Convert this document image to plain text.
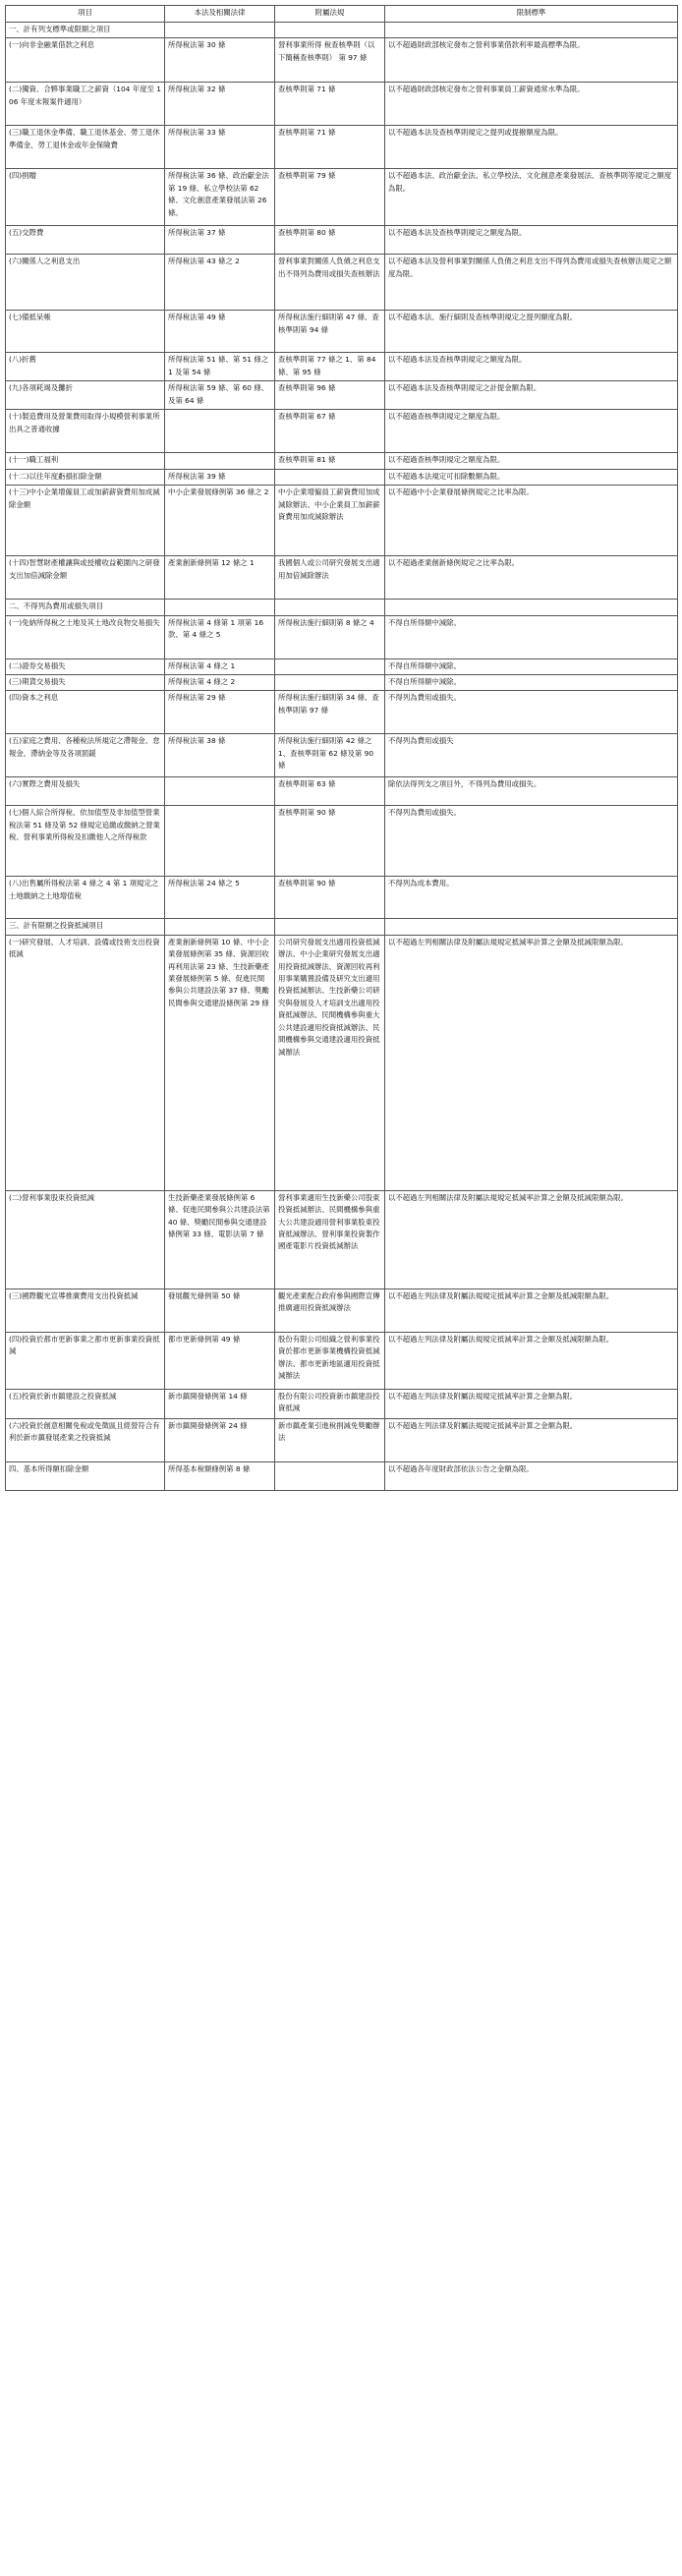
項目	本法及相關法律	附屬法規	限制標準
一、計有列支標準或限額之項目			
(一)向非金融業借款之利息	所得稅法第 30 條	營利事業所得 稅查核準則（以下簡稱查核準則） 第 97 條	以不超過財政部核定發布之營利事業借款利率最高標準為限。
(二)獨資、合夥事業職工之薪資（104 年度至 106 年度未報案件適用）	所得稅法第 32 條	查核準則第 71 條	以不超過財政部核定發布之營利事業員工薪資通常水準為限。
(三)職工退休金準備、職工退休基金、勞工退休準備金、勞工退休金或年金保險費	所得稅法第 33 條	查核準則第 71 條	以不超過本法及查核準則規定之提列或提撥額度為限。
(四)捐贈	所得稅法第 36 條、政治獻金法第 19 條、私立學校法第 62 條、文化創意產業發展法第 26 條。	查核準則第 79 條	以不超過本法、政治獻金法、私立學校法、文化創意產業發展法、查核準則等規定之額度為限。
(五)交際費	所得稅法第 37 條	查核準則第 80 條	以不超過本法及查核準則規定之額度為限。
(六)關係人之利息支出	所得稅法第 43 條之 2	營利事業對關係人負債之利息支出不得列為費用或損失查核辦法	以不超過本法及營利事業對關係人負債之利息支出不得列為費用或損失查核辦法規定之額度為限。
(七)備抵呆帳	所得稅法第 49 條	所得稅法施行細則第 47 條、查核準則第 94 條	以不超過本法、施行細則及查核準則規定之提列額度為限。
(八)折舊	所得稅法第 51 條、第 51 條之 1 及第 54 條	查核準則第 77 條之 1、第 84 條、第 95 條	以不超過本法及查核準則規定之額度為限。
(九)各項耗竭及攤折	所得稅法第 59 條、第 60 條、及第 64 條	查核準則第 96 條	以不超過本法及查核準則規定之計提金額為限。
(十)製造費用及營業費用取得小規模營利事業所出具之普通收據		查核準則第 67 條	以不超過查核準則規定之額度為限。
(十一)職工福利		查核準則第 81 條	以不超過查核準則規定之額度為限。
(十二)以往年度虧損扣除金額	所得稅法第 39 條		以不超過本法規定可扣除數額為限。
(十三)中小企業增僱員工或加薪薪資費用加成減除金額	中小企業發展條例第 36 條之 2	中小企業增僱員工薪資費用加成減除辦法、中小企業員工加薪薪資費用加成減除辦法	以不超過中小企業發展條例規定之比率為限。
(十四)智慧財產權讓與或授權收益範圍內之研發支出加倍減除金額	產業創新條例第 12 條之 1	我國個人或公司研究發展支出適用加倍減除辦法	以不超過產業創新條例規定之比率為限。
二、不得列為費用或損失項目			
(一)免納所得稅之土地及其土地改良物交易損失	所得稅法第 4 條第 1 項第 16 款、第 4 條之 5	所得稅法施行細則第 8 條之 4	不得自所得額中減除。
(二)證券交易損失	所得稅法第 4 條之 1		不得自所得額中減除。
(三)期貨交易損失	所得稅法第 4 條之 2		不得自所得額中減除。
(四)資本之利息	所得稅法第 29 條	所得稅法施行細則第 34 條、查核準則第 97 條	不得列為費用或損失。
(五)家庭之費用、各種稅法所規定之滯報金、怠報金、滯納金等及各項罰鍰	所得稅法第 38 條	所得稅法施行細則第 42 條之 1、查核準則第 62 條及第 90 條	不得列為費用或損失
(六)實際之費用及損失		查核準則第 63 條	除依法得列支之項目外，不得列為費用或損失。
(七)個人綜合所得稅、依加值型及非加值型營業稅法第 51 條及第 52 條規定追繳或繳納之營業稅、營利事業所得稅及扣繳他人之所得稅款		查核準則第 90 條	不得列為費用或損失。
(八)出售屬所得稅法第 4 條之 4 第 1 項規定之土地繳納之土地增值稅	所得稅法第 24 條之 5	查核準則第 90 條	不得列為成本費用。
三、計有限額之投資抵減項目			
(一)研究發展、人才培訓、設備或技術支出投資抵減	產業創新條例第 10 條、中小企業發展條例第 35 條、資源回收再利用法第 23 條、生技新藥產業發展條例第 5 條、促進民間參與公共建設法第 37 條、獎勵民間參與交通建設條例第 29 條	公司研究發展支出適用投資抵減辦法、中小企業研究發展支出適用投資抵減辦法、資源回收再利用事業購置設備及研究支出適用投資抵減辦法、生技新藥公司研究與發展及人才培訓支出適用投資抵減辦法、民間機構參與重大公共建設適用投資抵減辦法、民間機構參與交通建設適用投資抵減辦法	以不超過左列相關法律及附屬法規規定抵減率計算之金額及抵減限額為限。
(二)營利事業股東投資抵減	生技新藥產業發展條例第 6 條、促進民間參與公共建設法第 40 條、獎勵民間參與交通建設條例第 33 條、電影法第 7 條	營利事業適用生技新藥公司股東投資抵減辦法、民間機構參與重大公共建設適用營利事業股東投資抵減辦法、營利事業投資製作國產電影片投資抵減辦法	以不超過左列相關法律及附屬法規規定抵減率計算之金額及抵減限額為限。
(三)國際觀光宣導推廣費用支出投資抵減	發展觀光條例第 50 條	觀光產業配合政府參與國際宣傳推廣適用投資抵減辦法	以不超過左列法律及附屬法規規定抵減率計算之金額及抵減限額為限。
(四)投資於都市更新事業之都市更新事業投資抵減	都市更新條例第 49 條	股份有限公司組織之營利事業投資於都市更新事業機構投資抵減辦法、都市更新地區適用投資抵減辦法	以不超過左列法律及附屬法規規定抵減率計算之金額及抵減限額為限。
(五)投資於新市鎮建設之投資抵減	新市鎮開發條例第 14 條	股份有限公司投資新市鎮建設投資抵減	以不超過左列法律及附屬法規規定抵減率計算之金額為限。
(六)投資於創意相關免稅或免徵區且經營符合有利於新市鎮發展產業之投資抵減	新市鎮開發條例第 24 條	新市鎮產業引進稅捐減免獎勵辦法	以不超過左列法律及附屬法規規定抵減率計算之金額為限。
四、基本所得額扣除金額	所得基本稅額條例第 8 條		以不超過各年度財政部依法公告之金額為限。
